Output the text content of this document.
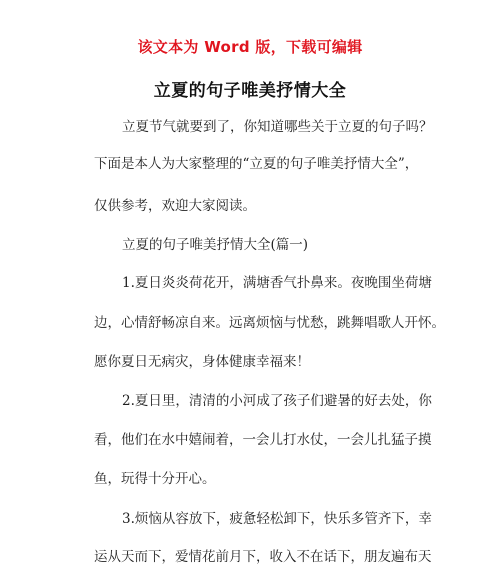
该文本为 Word 版，下载可编辑
立夏的句子唯美抒情大全
立夏节气就要到了，你知道哪些关于立夏的句子吗？
下面是本人为大家整理的“立夏的句子唯美抒情大全”，
仅供参考，欢迎大家阅读。
立夏的句子唯美抒情大全(篇一)
1.夏日炎炎荷花开，满塘香气扑鼻来。夜晚围坐荷塘
边，心情舒畅凉自来。远离烦恼与忧愁，跳舞唱歌人开怀。
愿你夏日无病灾，身体健康幸福来！
2.夏日里，清清的小河成了孩子们避暑的好去处，你
看，他们在水中嬉闹着，一会儿打水仗，一会儿扎猛子摸
鱼，玩得十分开心。
3.烦恼从容放下，疲惫轻松卸下，快乐多管齐下，幸
运从天而下，爱情花前月下，收入不在话下，朋友遍布天
